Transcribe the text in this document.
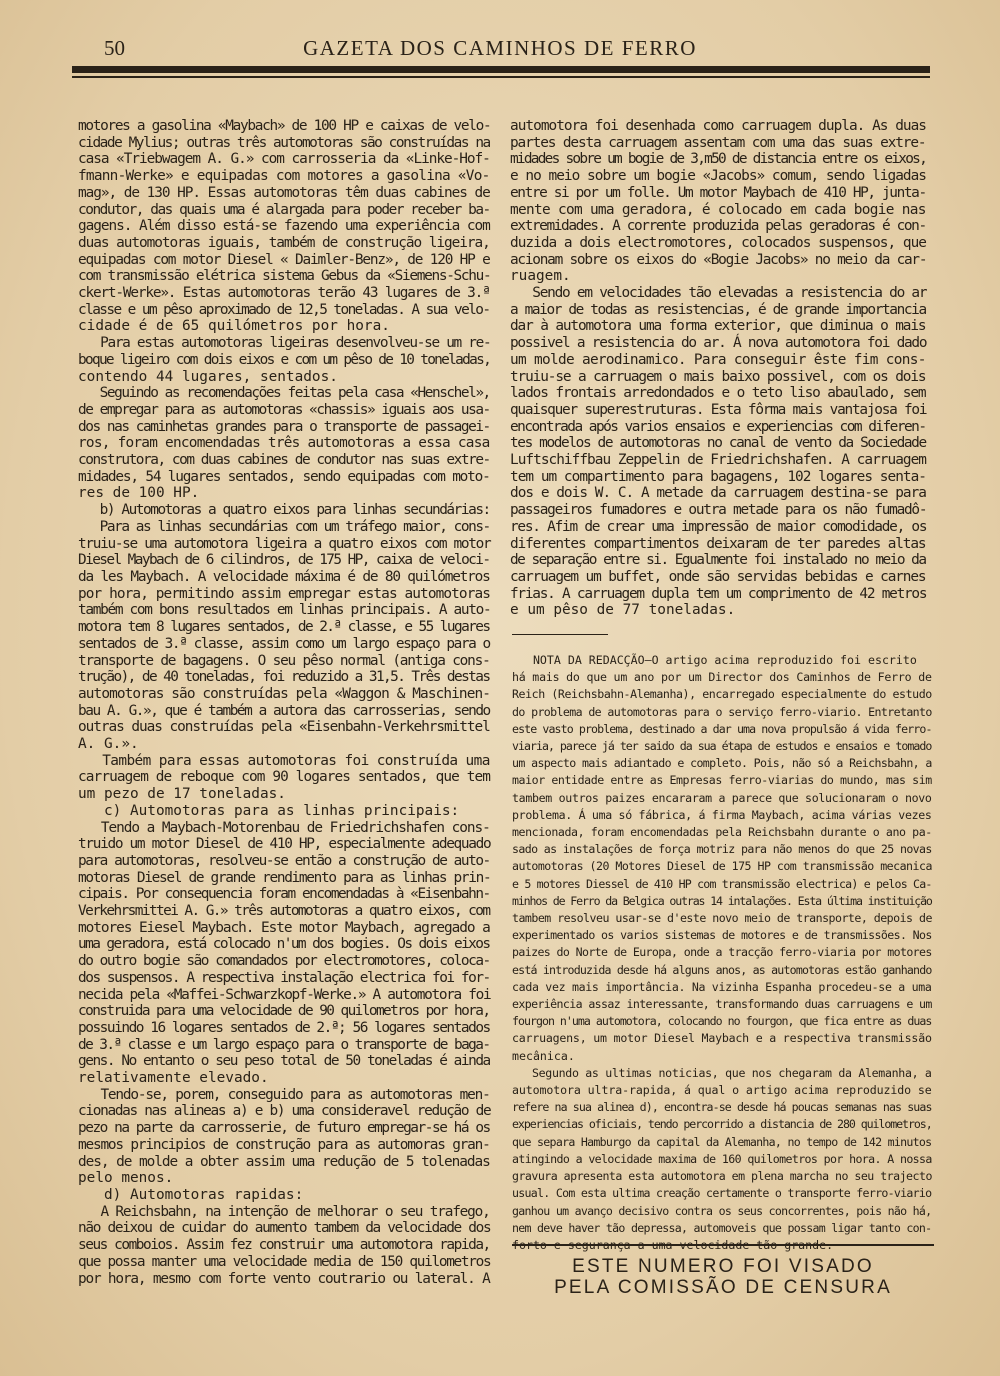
50	GAZETA DOS CAMINHOS DE FERRO

motores a gasolina «Maybach» de 100 HP e caixas de velo-

cidade Mylius; outras três automotoras são construídas na

casa «Triebwagem A. G.» com carrosseria da «Linke-Hof-

fmann-Werke» e equipadas com motores a gasolina «Vo-

mag», de 130 HP. Essas automotoras têm duas cabines de

condutor, das quais uma é alargada para poder receber ba-

gagens. Além disso está-se fazendo uma experiência com

duas automotoras iguais, também de construção ligeira,

equipadas com motor Diesel « Daimler-Benz», de 120 HP e

com transmissão elétrica sistema Gebus da «Siemens-Schu-

ckert-Werke». Estas automotoras terão 43 lugares de 3.ª

classe e um pêso aproximado de 12,5 toneladas. A sua velo-

cidade é de 65 quilómetros por hora.

Para estas automotoras ligeiras desenvolveu-se um re-

boque ligeiro com dois eixos e com um pêso de 10 toneladas,

contendo 44 lugares, sentados.

Seguindo as recomendações feitas pela casa «Henschel»,

de empregar para as automotoras «chassis» iguais aos usa-

dos nas caminhetas grandes para o transporte de passagei-

ros, foram encomendadas três automotoras a essa casa

construtora, com duas cabines de condutor nas suas extre-

midades, 54 lugares sentados, sendo equipadas com moto-

res de 100 HP.

b) Automotoras a quatro eixos para linhas secundárias:

Para as linhas secundárias com um tráfego maior, cons-

truiu-se uma automotora ligeira a quatro eixos com motor

Diesel Maybach de 6 cilindros, de 175 HP, caixa de veloci-

da les Maybach. A velocidade máxima é de 80 quilómetros

por hora, permitindo assim empregar estas automotoras

também com bons resultados em linhas principais. A auto-

motora tem 8 lugares sentados, de 2.ª classe, e 55 lugares

sentados de 3.ª classe, assim como um largo espaço para o

transporte de bagagens. O seu pêso normal (antiga cons-

trução), de 40 toneladas, foi reduzido a 31,5. Três destas

automotoras são construídas pela «Waggon & Maschinen-

bau A. G.», que é também a autora das carrosserias, sendo

outras duas construídas pela «Eisenbahn-Verkehrsmittel

A. G.».

Também para essas automotoras foi construída uma

carruagem de reboque com 90 logares sentados, que tem

um pezo de 17 toneladas.

c) Automotoras para as linhas principais:

Tendo a Maybach-Motorenbau de Friedrichshafen cons-

truido um motor Diesel de 410 HP, especialmente adequado

para automotoras, resolveu-se então a construção de auto-

motoras Diesel de grande rendimento para as linhas prin-

cipais. Por consequencia foram encomendadas à «Eisenbahn-

Verkehrsmittei A. G.» três automotoras a quatro eixos, com

motores Eiesel Maybach. Este motor Maybach, agregado a

uma geradora, está colocado n'um dos bogies. Os dois eixos

do outro bogie são comandados por electromotores, coloca-

dos suspensos. A respectiva instalação electrica foi for-

necida pela «Maffei-Schwarzkopf-Werke.» A automotora foi

construida para uma velocidade de 90 quilometros por hora,

possuindo 16 logares sentados de 2.ª; 56 logares sentados

de 3.ª classe e um largo espaço para o transporte de baga-

gens. No entanto o seu peso total de 50 toneladas é ainda

relativamente elevado.

Tendo-se, porem, conseguido para as automotoras men-

cionadas nas alineas a) e b) uma consideravel redução de

pezo na parte da carrosserie, de futuro empregar-se há os

mesmos principios de construção para as automoras gran-

des, de molde a obter assim uma redução de 5 tolenadas

pelo menos.

d) Automotoras rapidas:

A Reichsbahn, na intenção de melhorar o seu trafego,

não deixou de cuidar do aumento tambem da velocidade dos

seus comboios. Assim fez construir uma automotora rapida,

que possa manter uma velocidade media de 150 quilometros

por hora, mesmo com forte vento coutrario ou lateral. A

automotora foi desenhada como carruagem dupla. As duas

partes desta carruagem assentam com uma das suas extre-

midades sobre um bogie de 3,m50 de distancia entre os eixos,

e no meio sobre um bogie «Jacobs» comum, sendo ligadas

entre si por um folle. Um motor Maybach de 410 HP, junta-

mente com uma geradora, é colocado em cada bogie nas

extremidades. A corrente produzida pelas geradoras é con-

duzida a dois electromotores, colocados suspensos, que

acionam sobre os eixos do «Bogie Jacobs» no meio da car-

ruagem.

Sendo em velocidades tão elevadas a resistencia do ar

a maior de todas as resistencias, é de grande importancia

dar à automotora uma forma exterior, que diminua o mais

possivel a resistencia do ar. Á nova automotora foi dado

um molde aerodinamico. Para conseguir êste fim cons-

truiu-se a carruagem o mais baixo possivel, com os dois

lados frontais arredondados e o teto liso abaulado, sem

quaisquer superestruturas. Esta fôrma mais vantajosa foi

encontrada após varios ensaios e experiencias com diferen-

tes modelos de automotoras no canal de vento da Sociedade

Luftschiffbau Zeppelin de Friedrichshafen. A carruagem

tem um compartimento para bagagens, 102 logares senta-

dos e dois W. C. A metade da carruagem destina-se para

passageiros fumadores e outra metade para os não fumadô-

res. Afim de crear uma impressão de maior comodidade, os

diferentes compartimentos deixaram de ter paredes altas

de separação entre si. Egualmente foi instalado no meio da

carruagem um buffet, onde são servidas bebidas e carnes

frias. A carruagem dupla tem um comprimento de 42 metros

e um pêso de 77 toneladas.

NOTA DA REDACÇÃO—O artigo acima reproduzido foi escrito

há mais do que um ano por um Director dos Caminhos de Ferro de

Reich (Reichsbahn-Alemanha), encarregado especialmente do estudo

do problema de automotoras para o serviço ferro-viario. Entretanto

este vasto problema, destinado a dar uma nova propulsão á vida ferro-

viaria, parece já ter saido da sua étapa de estudos e ensaios e tomado

um aspecto mais adiantado e completo. Pois, não só a Reichsbahn, a

maior entidade entre as Empresas ferro-viarias do mundo, mas sim

tambem outros paizes encararam a parece que solucionaram o novo

problema. Á uma só fábrica, á firma Maybach, acima várias vezes

mencionada, foram encomendadas pela Reichsbahn durante o ano pa-

sado as instalações de força motriz para não menos do que 25 novas

automotoras (20 Motores Diesel de 175 HP com transmissão mecanica

e 5 motores Diessel de 410 HP com transmissão electrica) e pelos Ca-

minhos de Ferro da Belgica outras 14 intalações. Esta última instituição

tambem resolveu usar-se d'este novo meio de transporte, depois de

experimentado os varios sistemas de motores e de transmissões. Nos

paizes do Norte de Europa, onde a tracção ferro-viaria por motores

está introduzida desde há alguns anos, as automotoras estão ganhando

cada vez mais importância. Na vizinha Espanha procedeu-se a uma

experiência assaz interessante, transformando duas carruagens e um

fourgon n'uma automotora, colocando no fourgon, que fica entre as duas

carruagens, um motor Diesel Maybach e a respectiva transmissão

mecânica.

Segundo as ultimas noticias, que nos chegaram da Alemanha, a

automotora ultra-rapida, á qual o artigo acima reproduzido se

refere na sua alinea d), encontra-se desde há poucas semanas nas suas

experiencias oficiais, tendo percorrido a distancia de 280 quilometros,

que separa Hamburgo da capital da Alemanha, no tempo de 142 minutos

atingindo a velocidade maxima de 160 quilometros por hora. A nossa

gravura apresenta esta automotora em plena marcha no seu trajecto

usual. Com esta ultima creação certamente o transporte ferro-viario

ganhou um avanço decisivo contra os seus concorrentes, pois não há,

nem deve haver tão depressa, automoveis que possam ligar tanto con-

ESTE NUMERO FOI VISADO

PELA COMISSÃO DE CENSURA
